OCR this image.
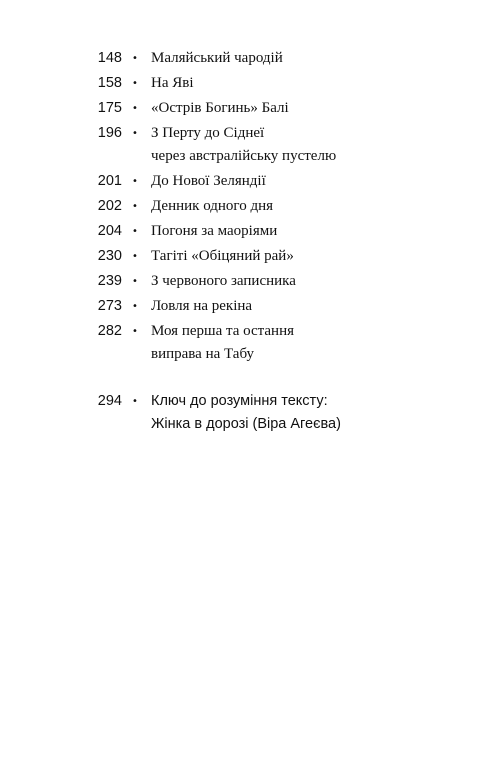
148 • Маляйський чародій
158 • На Яві
175 • «Острів Богинь» Балі
196 • З Перту до Сіднеї
через австралійську пустелю
201 • До Нової Зеляндії
202 • Денник одного дня
204 • Погоня за маоріями
230 • Тагіті «Обіцяний рай»
239 • З червоного записника
273 • Ловля на рекіна
282 • Моя перша та остання
виправа на Табу
294 • Ключ до розуміння тексту:
Жінка в дорозі (Віра Агеєва)
